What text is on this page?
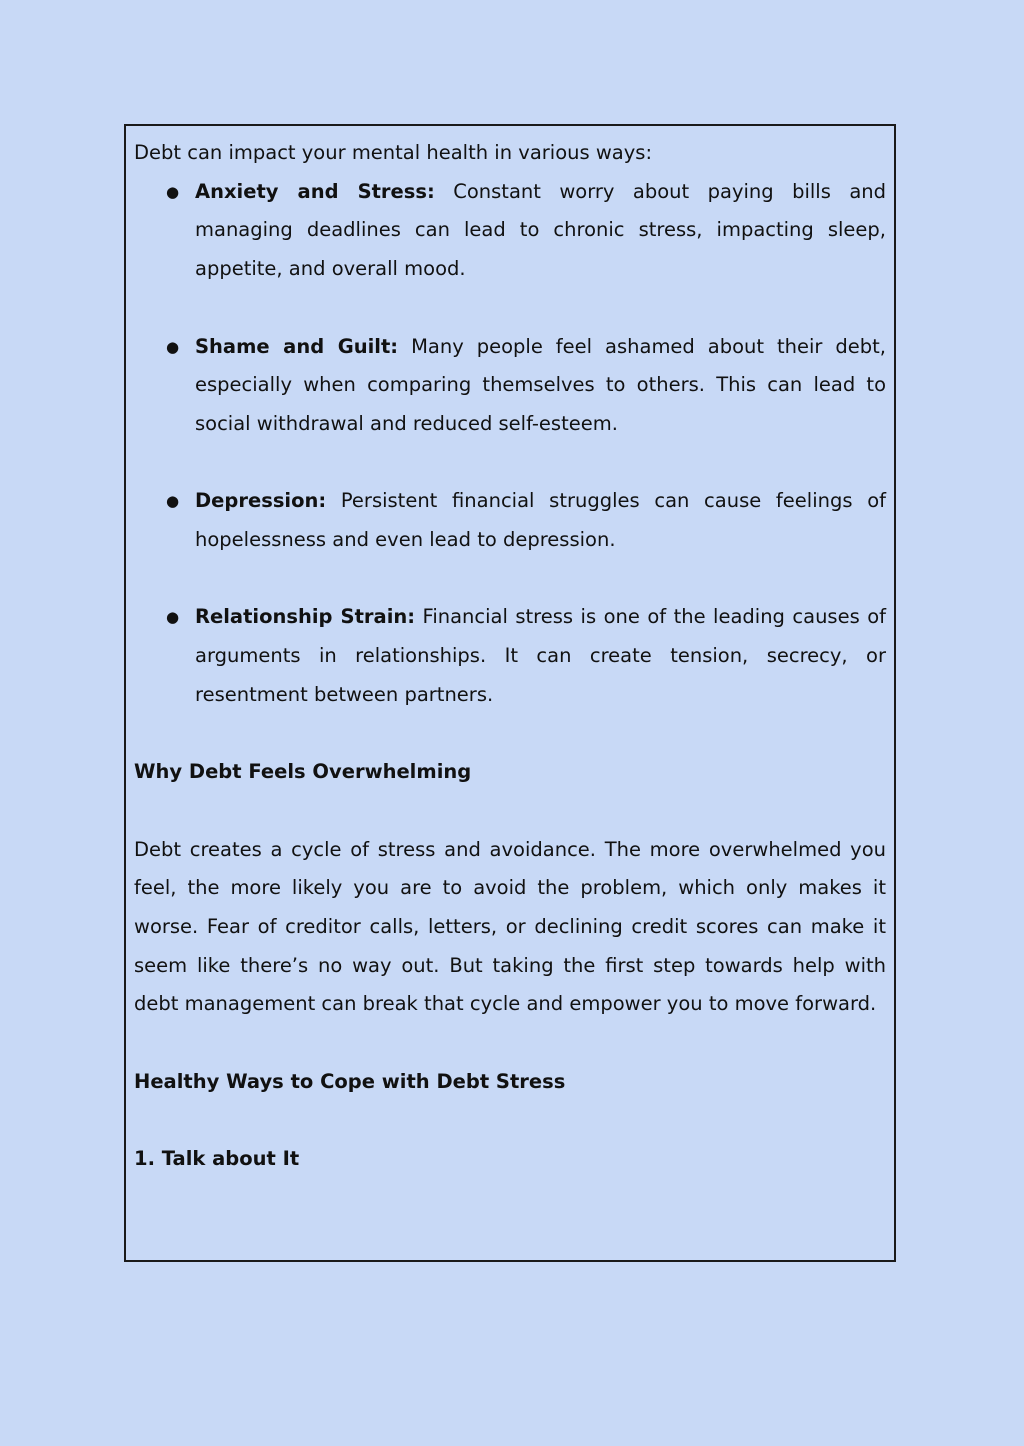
Debt can impact your mental health in various ways:

● Anxiety and Stress: Constant worry about paying bills and managing deadlines can lead to chronic stress, impacting sleep, appetite, and overall mood.
● Shame and Guilt: Many people feel ashamed about their debt, especially when comparing themselves to others. This can lead to social withdrawal and reduced self-esteem.
● Depression: Persistent financial struggles can cause feelings of hopelessness and even lead to depression.
● Relationship Strain: Financial stress is one of the leading causes of arguments in relationships. It can create tension, secrecy, or resentment between partners.

Why Debt Feels Overwhelming

Debt creates a cycle of stress and avoidance. The more overwhelmed you feel, the more likely you are to avoid the problem, which only makes it worse. Fear of creditor calls, letters, or declining credit scores can make it seem like there’s no way out. But taking the first step towards help with debt management can break that cycle and empower you to move forward.

Healthy Ways to Cope with Debt Stress

1. Talk about It
